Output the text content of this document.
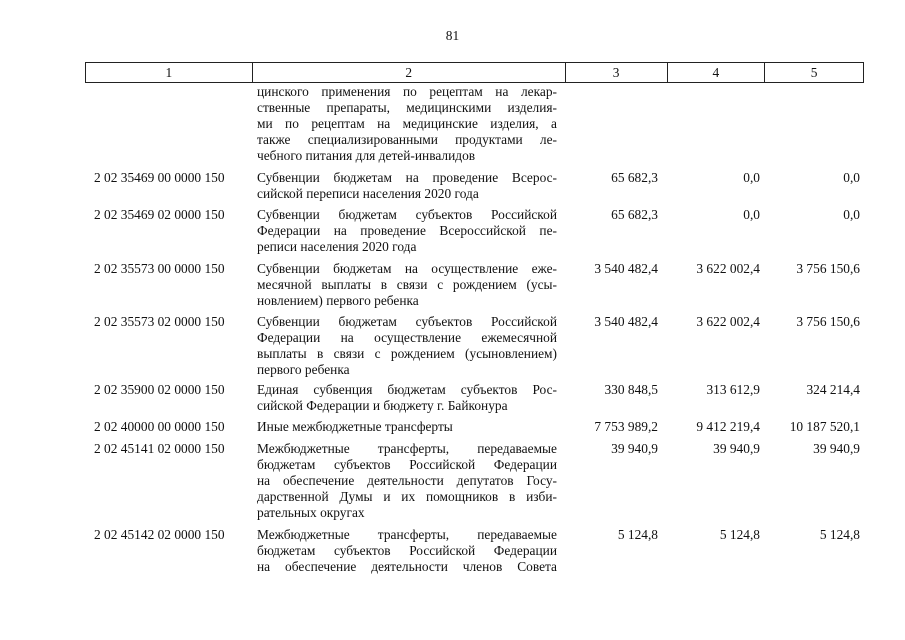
81
1	2	3	4	5
цинского применения по рецептам на лекар-
ственные препараты, медицинскими изделия-
ми по рецептам на медицинские изделия, а
также специализированными продуктами ле-
чебного питания для детей-инвалидов
2 02 35469 00 0000 150 Субвенции бюджетам на проведение Всерос-
сийской переписи населения 2020 года
65 682,3	0,0	0,0
2 02 35469 02 0000 150 Субвенции бюджетам субъектов Российской
Федерации на проведение Всероссийской пе-
реписи населения 2020 года
65 682,3	0,0	0,0
2 02 35573 00 0000 150 Субвенции бюджетам на осуществление еже-
месячной выплаты в связи с рождением (усы-
новлением) первого ребенка
3 540 482,4	3 622 002,4	3 756 150,6
2 02 35573 02 0000 150 Субвенции бюджетам субъектов Российской
Федерации на осуществление ежемесячной
выплаты в связи с рождением (усыновлением)
первого ребенка
3 540 482,4	3 622 002,4	3 756 150,6
2 02 35900 02 0000 150 Единая субвенция бюджетам субъектов Рос-
сийской Федерации и бюджету г. Байконура
330 848,5	313 612,9	324 214,4
2 02 40000 00 0000 150 Иные межбюджетные трансферты	7 753 989,2	9 412 219,4	10 187 520,1
2 02 45141 02 0000 150 Межбюджетные трансферты, передаваемые
бюджетам субъектов Российской Федерации
на обеспечение деятельности депутатов Госу-
дарственной Думы и их помощников в изби-
рательных округах
39 940,9	39 940,9	39 940,9
2 02 45142 02 0000 150 Межбюджетные трансферты, передаваемые
бюджетам субъектов Российской Федерации
на обеспечение деятельности членов Совета
5 124,8	5 124,8	5 124,8
